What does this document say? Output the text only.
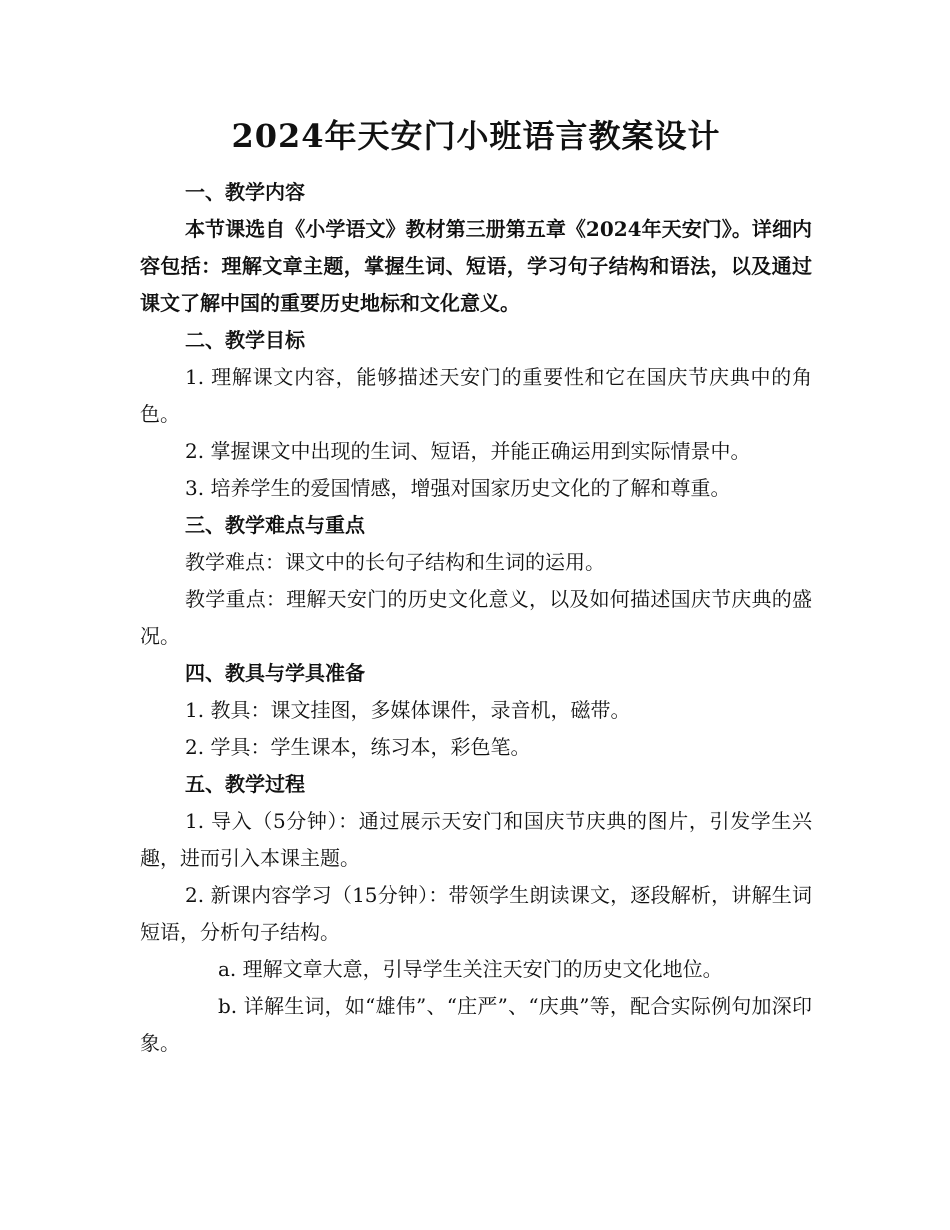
2024年天安门小班语言教案设计

一、教学内容

本节课选自《小学语文》教材第三册第五章《2024年天安门》。详细内容包括：理解文章主题，掌握生词、短语，学习句子结构和语法，以及通过课文了解中国的重要历史地标和文化意义。

二、教学目标

1. 理解课文内容，能够描述天安门的重要性和它在国庆节庆典中的角色。

2. 掌握课文中出现的生词、短语，并能正确运用到实际情景中。

3. 培养学生的爱国情感，增强对国家历史文化的了解和尊重。

三、教学难点与重点

教学难点：课文中的长句子结构和生词的运用。

教学重点：理解天安门的历史文化意义，以及如何描述国庆节庆典的盛况。

四、教具与学具准备

1. 教具：课文挂图，多媒体课件，录音机，磁带。

2. 学具：学生课本，练习本，彩色笔。

五、教学过程

1. 导入（5分钟）：通过展示天安门和国庆节庆典的图片，引发学生兴趣，进而引入本课主题。

2. 新课内容学习（15分钟）：带领学生朗读课文，逐段解析，讲解生词短语，分析句子结构。

a. 理解文章大意，引导学生关注天安门的历史文化地位。

b. 详解生词，如“雄伟”、“庄严”、“庆典”等，配合实际例句加深印象。
